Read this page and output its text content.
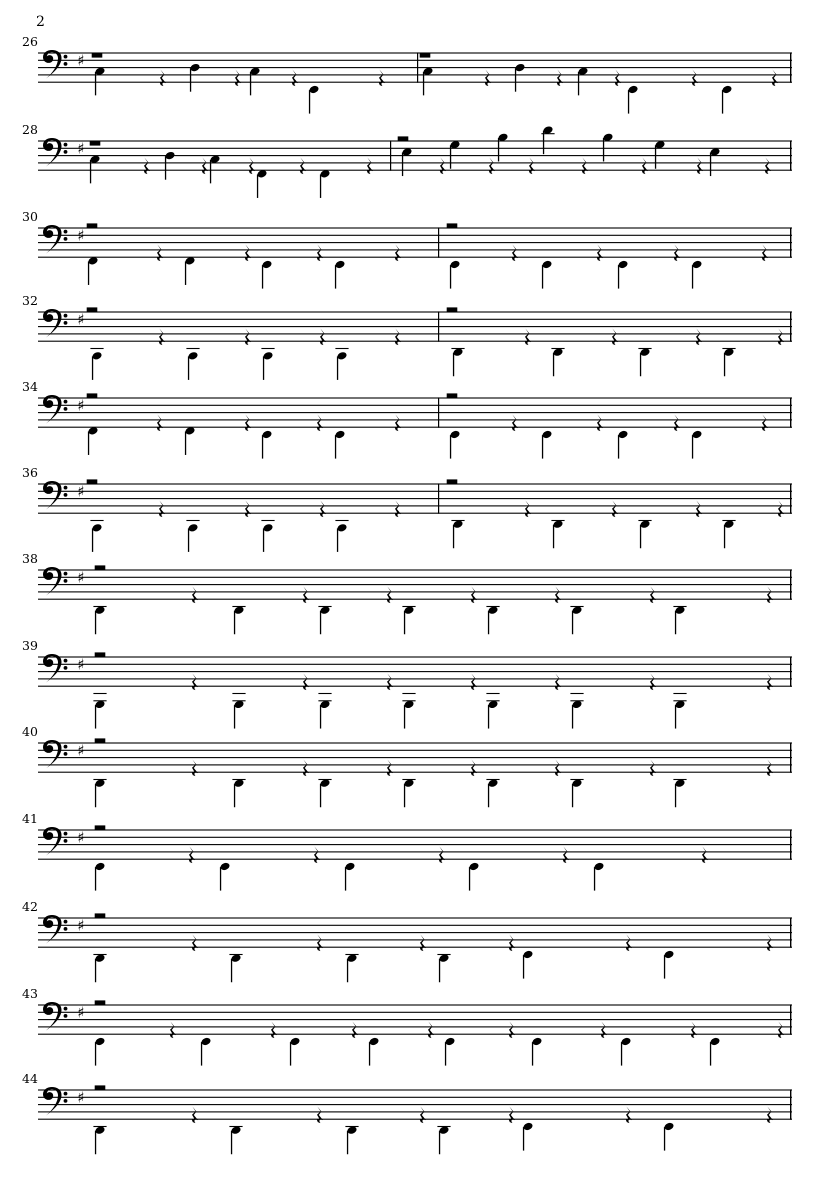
2
26
♯
28
♯
30
♯
32
♯
34
♯
36
♯
38
♯
39
♯
40
♯
41
♯
42
♯
43
♯
44
♯
